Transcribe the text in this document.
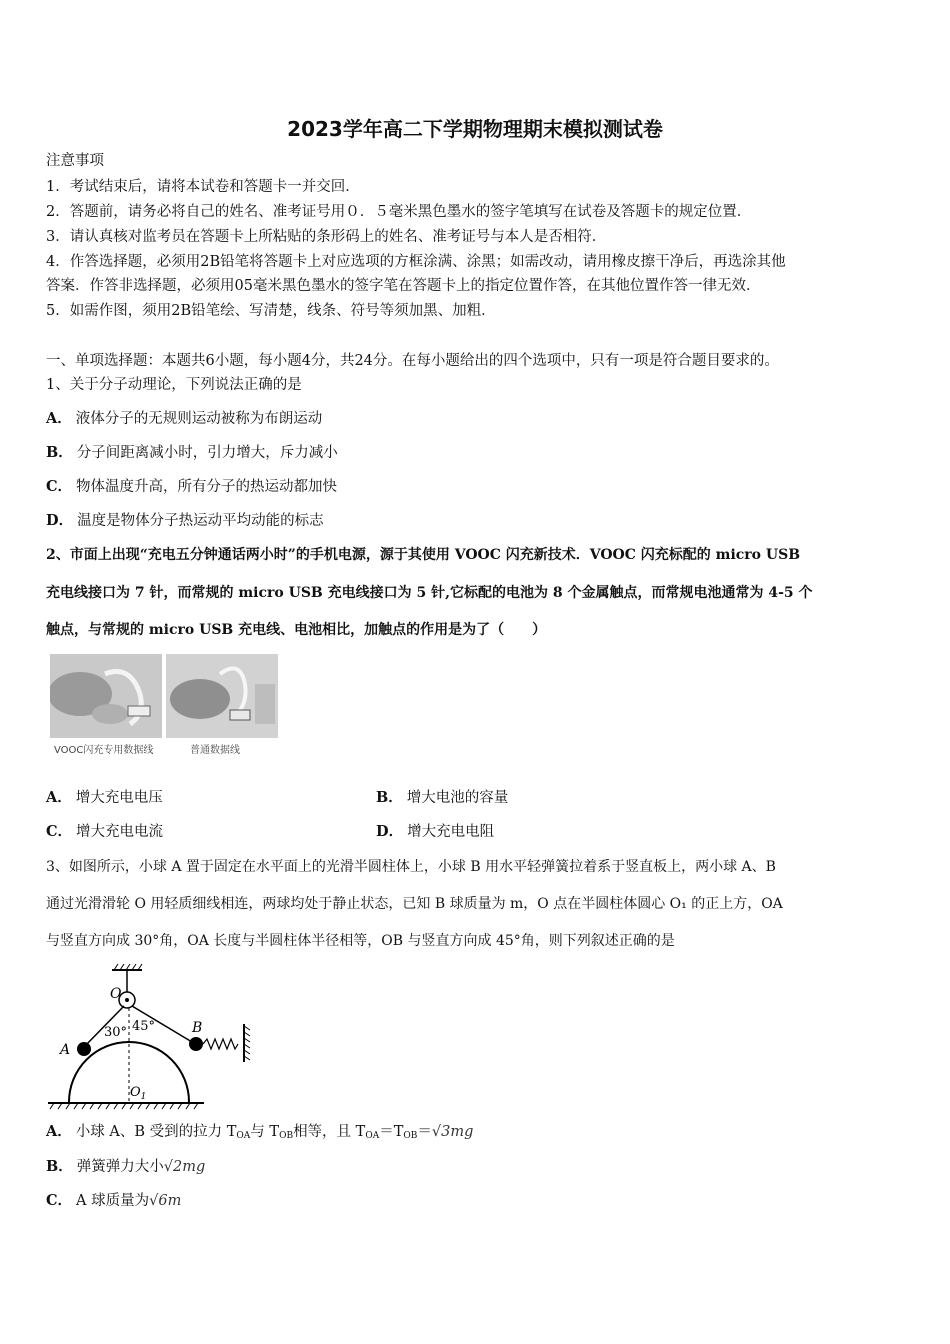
2023学年高二下学期物理期末模拟测试卷
注意事项
1．考试结束后，请将本试卷和答题卡一并交回．
2．答题前，请务必将自己的姓名、准考证号用０．５毫米黑色墨水的签字笔填写在试卷及答题卡的规定位置．
3．请认真核对监考员在答题卡上所粘贴的条形码上的姓名、准考证号与本人是否相符．
4．作答选择题，必须用2B铅笔将答题卡上对应选项的方框涂满、涂黑；如需改动，请用橡皮擦干净后，再选涂其他
答案．作答非选择题，必须用05毫米黑色墨水的签字笔在答题卡上的指定位置作答，在其他位置作答一律无效．
5．如需作图，须用2B铅笔绘、写清楚，线条、符号等须加黑、加粗．
一、单项选择题：本题共6小题，每小题4分，共24分。在每小题给出的四个选项中，只有一项是符合题目要求的。
1、关于分子动理论，下列说法正确的是
A． 液体分子的无规则运动被称为布朗运动
B． 分子间距离减小时，引力增大，斥力减小
C． 物体温度升高，所有分子的热运动都加快
D． 温度是物体分子热运动平均动能的标志
2、市面上出现“充电五分钟通话两小时”的手机电源，源于其使用 VOOC 闪充新技术．VOOC 闪充标配的 micro USB
充电线接口为 7 针，而常规的 micro USB 充电线接口为 5 针,它标配的电池为 8 个金属触点，而常规电池通常为 4-5 个
触点，与常规的 micro USB 充电线、电池相比，加触点的作用是为了（　　）
VOOC闪充专用数据线	普通数据线
A． 增大充电电压	B． 增大电池的容量
C． 增大充电电流	D． 增大充电电阻
3、如图所示，小球 A 置于固定在水平面上的光滑半圆柱体上，小球 B 用水平轻弹簧拉着系于竖直板上，两小球 A、B
通过光滑滑轮 O 用轻质细线相连，两球均处于静止状态，已知 B 球质量为 m，O 点在半圆柱体圆心 O₁ 的正上方，OA
与竖直方向成 30°角，OA 长度与半圆柱体半径相等，OB 与竖直方向成 45°角，则下列叙述正确的是
O
A
B
30° 45°
$O_1$
A． 小球 A、B 受到的拉力 $T_{OA}$与 $T_{OB}$相等，且 $T_{OA}=T_{OB}=√3mg$
B． 弹簧弹力大小√2mg
C． A 球质量为√6m
